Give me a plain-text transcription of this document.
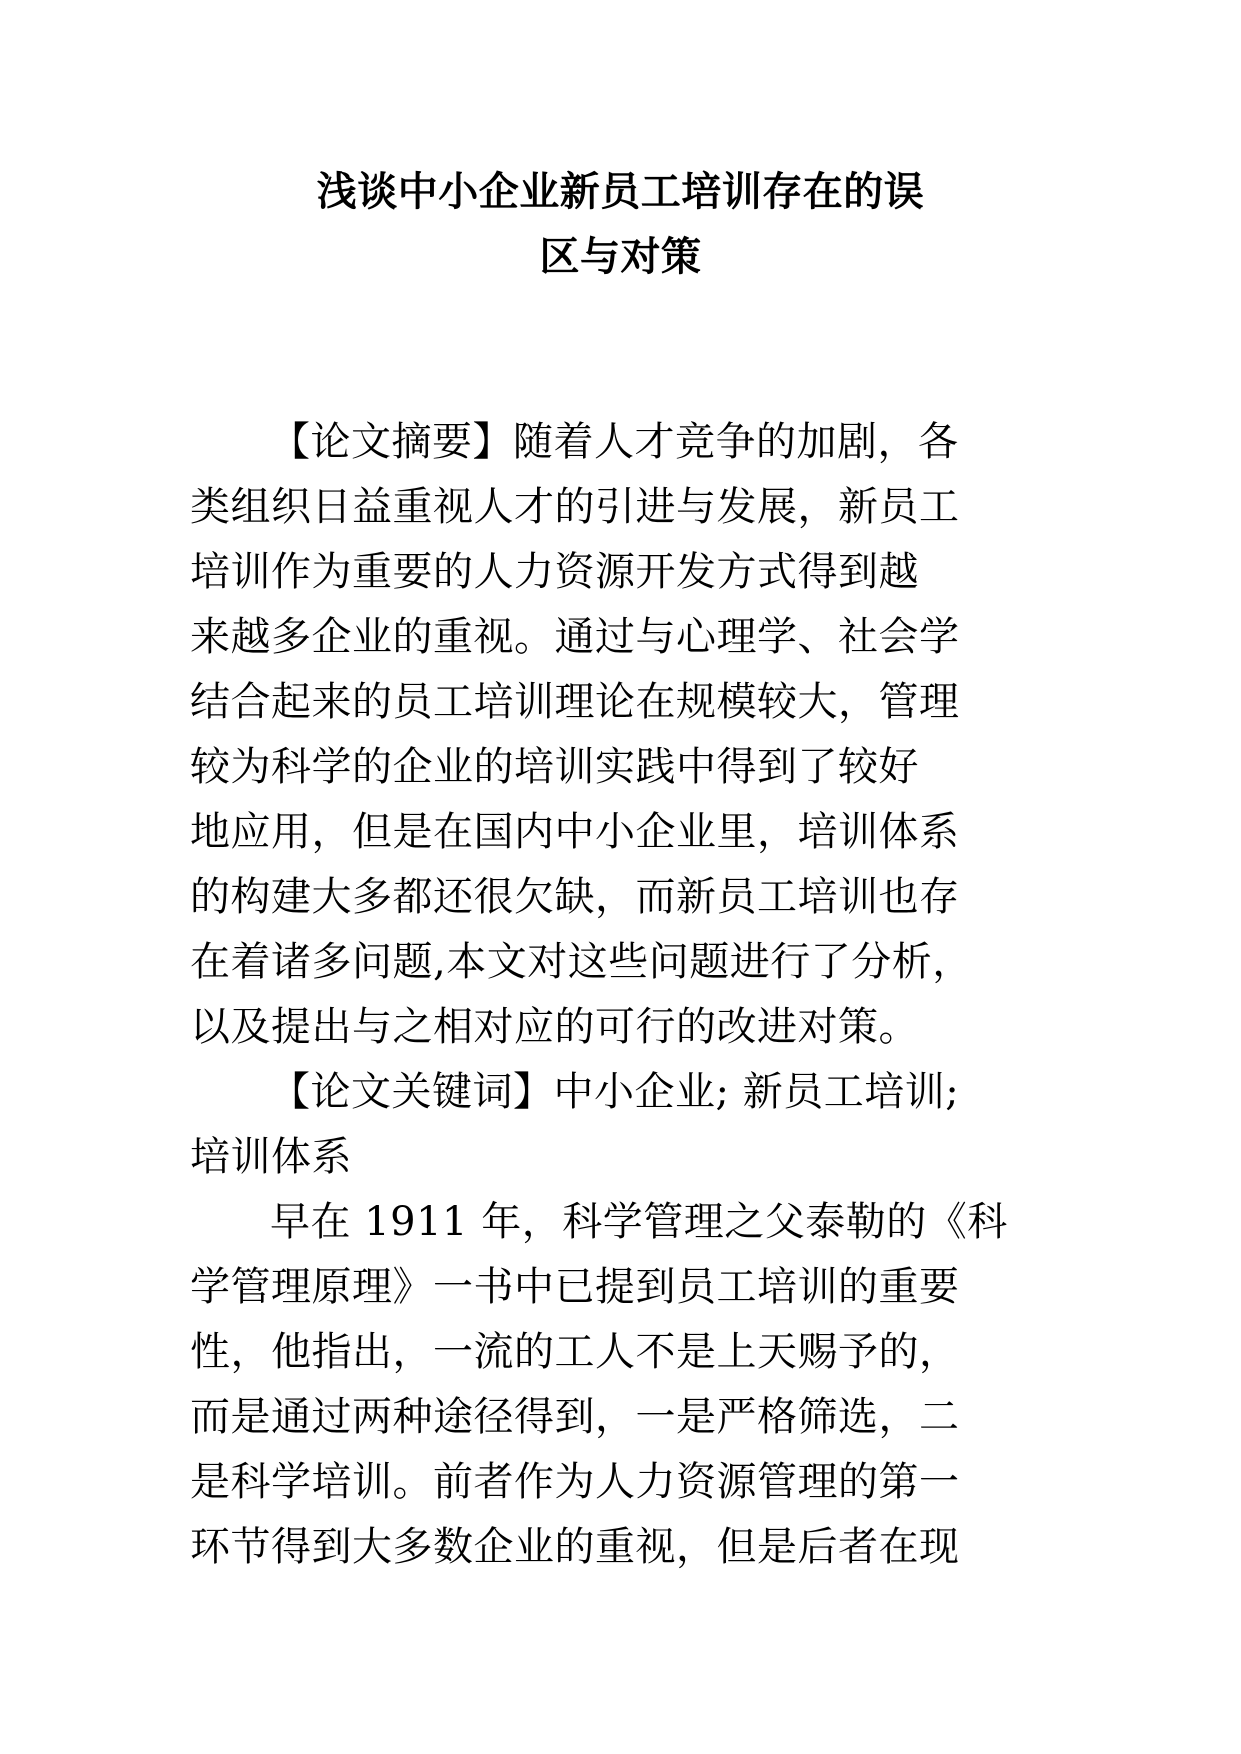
浅谈中小企业新员工培训存在的误
区与对策
【论文摘要】随着人才竞争的加剧，各
类组织日益重视人才的引进与发展，新员工
培训作为重要的人力资源开发方式得到越
来越多企业的重视。通过与心理学、社会学
结合起来的员工培训理论在规模较大，管理
较为科学的企业的培训实践中得到了较好
地应用，但是在国内中小企业里，培训体系
的构建大多都还很欠缺，而新员工培训也存
在着诸多问题,本文对这些问题进行了分析，
以及提出与之相对应的可行的改进对策。
【论文关键词】中小企业; 新员工培训;
培训体系
早在 1911 年，科学管理之父泰勒的《科
学管理原理》一书中已提到员工培训的重要
性，他指出，一流的工人不是上天赐予的，
而是通过两种途径得到，一是严格筛选，二
是科学培训。前者作为人力资源管理的第一
环节得到大多数企业的重视，但是后者在现
